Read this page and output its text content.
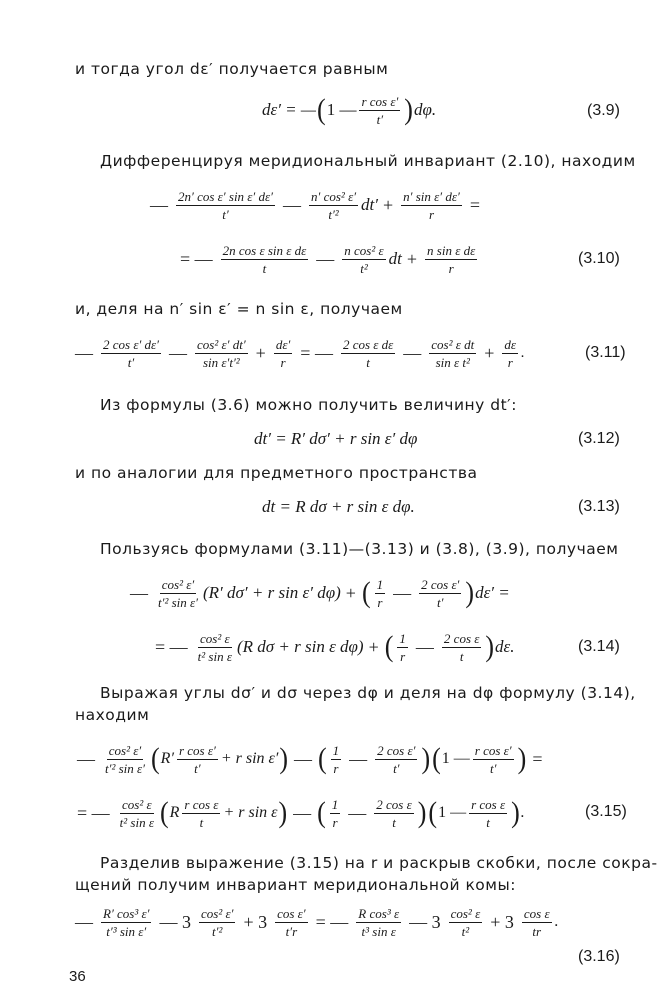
и тогда угол dε′ получается равным
dε′ = — ( 1 — $\frac{\text{r cos ε′}}{t'}$ ) dφ.	(3.9)
Дифференцируя меридиональный инвариант (2.10), находим
— $\frac{\text{2n′ cos ε′ sin ε′ dε′}}{t'}$ — $\frac{\text{n′ cos² ε′}}{\text{t′²}} dt' + \frac{\text{n′ sin ε′ dε′}}{r}$ =
= — $\frac{\text{2n cos ε sin ε dε}}{t}$ — $\frac{\text{n cos² ε}}{\text{t²}}$ dt + $\frac{\text{n sin ε dε}}{r}$	(3.10)
и, деля на n′ sin ε′ = n sin ε, получаем
— $\frac{\text{2 cos ε′ dε′}}{t'}$ — $\frac{\text{cos² ε′ dt′}}{\text{sin ε′t′²}} + \frac{d\varepsilon'}{r}$ = — $\frac{\text{2 cos ε dε}}{t}$ — $\frac{\text{cos² ε dt}}{\text{sin ε t²}} + \frac{d\varepsilon}{r}$ .	(3.11)
Из формулы (3.6) можно получить величину dt′:
dt′ = R′ dσ′ + r sin ε′ dφ	(3.12)
и по аналогии для предметного пространства
dt = R dσ + r sin ε dφ.	(3.13)
Пользуясь формулами (3.11)—(3.13) и (3.8), (3.9), получаем
— $\frac{\text{cos² ε′}}{\text{t′² sin ε′}} (R'$ dσ′ + r sin ε′ dφ) + ( $\frac{1}{r}$ — $\frac{\text{2 cos ε′}}{t'}$ ) dε′ =
= — $\frac{\text{cos² ε}}{\text{t² sin ε}} (R$ dσ + r sin ε dφ) + ( $\frac{1}{r}$ — $\frac{\text{2 cos ε}}{t}$ ) dε.	(3.14)
Выражая углы dσ′ и dσ через dφ и деля на dφ формулу (3.14),
находим
— $\frac{\text{cos² ε′}}{\text{t′² sin ε′}}$ ( $R' \frac{\text{r cos ε′}}{t'} + r$ sin ε′ ) — ( $\frac{1}{r}$ — $\frac{\text{2 cos ε′}}{t'}$ ) ( 1 — $\frac{\text{r cos ε′}}{t'}$ ) =
= — $\frac{\text{cos² ε}}{\text{t² sin ε}}$ ( R $\frac{\text{r cos ε}}{t} + r$ sin ε ) — ( $\frac{1}{r}$ — $\frac{\text{2 cos ε}}{t}$ ) ( 1 — $\frac{\text{r cos ε}}{t}$ ) .	(3.15)
Разделив выражение (3.15) на r и раскрыв скобки, после сокра-
щений получим инвариант меридиональной комы:
— $\frac{\text{R′ cos³ ε′}}{\text{t′³ sin ε′}}$ — $3 \frac{\text{cos² ε′}}{\text{t′²}} + 3 \frac{\text{cos ε′}}{t'r}$ = — $\frac{\text{R cos³ ε}}{\text{t³ sin ε}}$ — $3 \frac{\text{cos² ε}}{\text{t²}} + 3 \frac{\text{cos ε}}{tr}$ .
(3.16)
36
